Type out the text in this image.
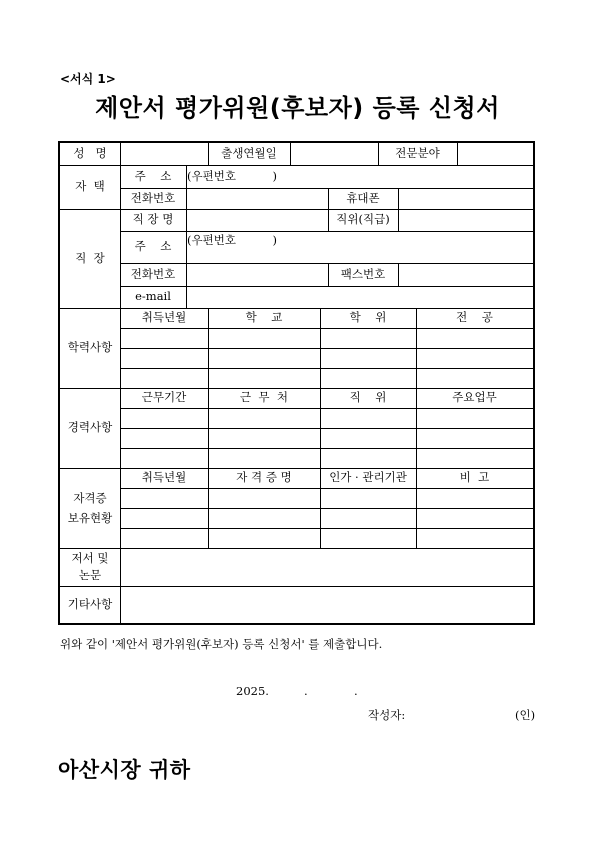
<서식 1>
제안서 평가위원(후보자) 등록 신청서
성   명	출생연월일	전문분야
자  택
주    소	(우편번호          )
전화번호	휴대폰
직  장
직 장 명	직위(직급)
주    소	(우편번호          )
전화번호	팩스번호
e-mail
학력사항
취득년월	학    교	학    위	전    공
경력사항
근무기간	근  무  처	직    위	주요업무
자격증
보유현황
취득년월	자 격 증 명	인가 · 관리기관	비  고
저서 및
논문
기타사항
위와 같이 '제안서 평가위원(후보자) 등록 신청서' 를 제출합니다.
2025.	.	.
작성자:	(인)
아산시장 귀하
